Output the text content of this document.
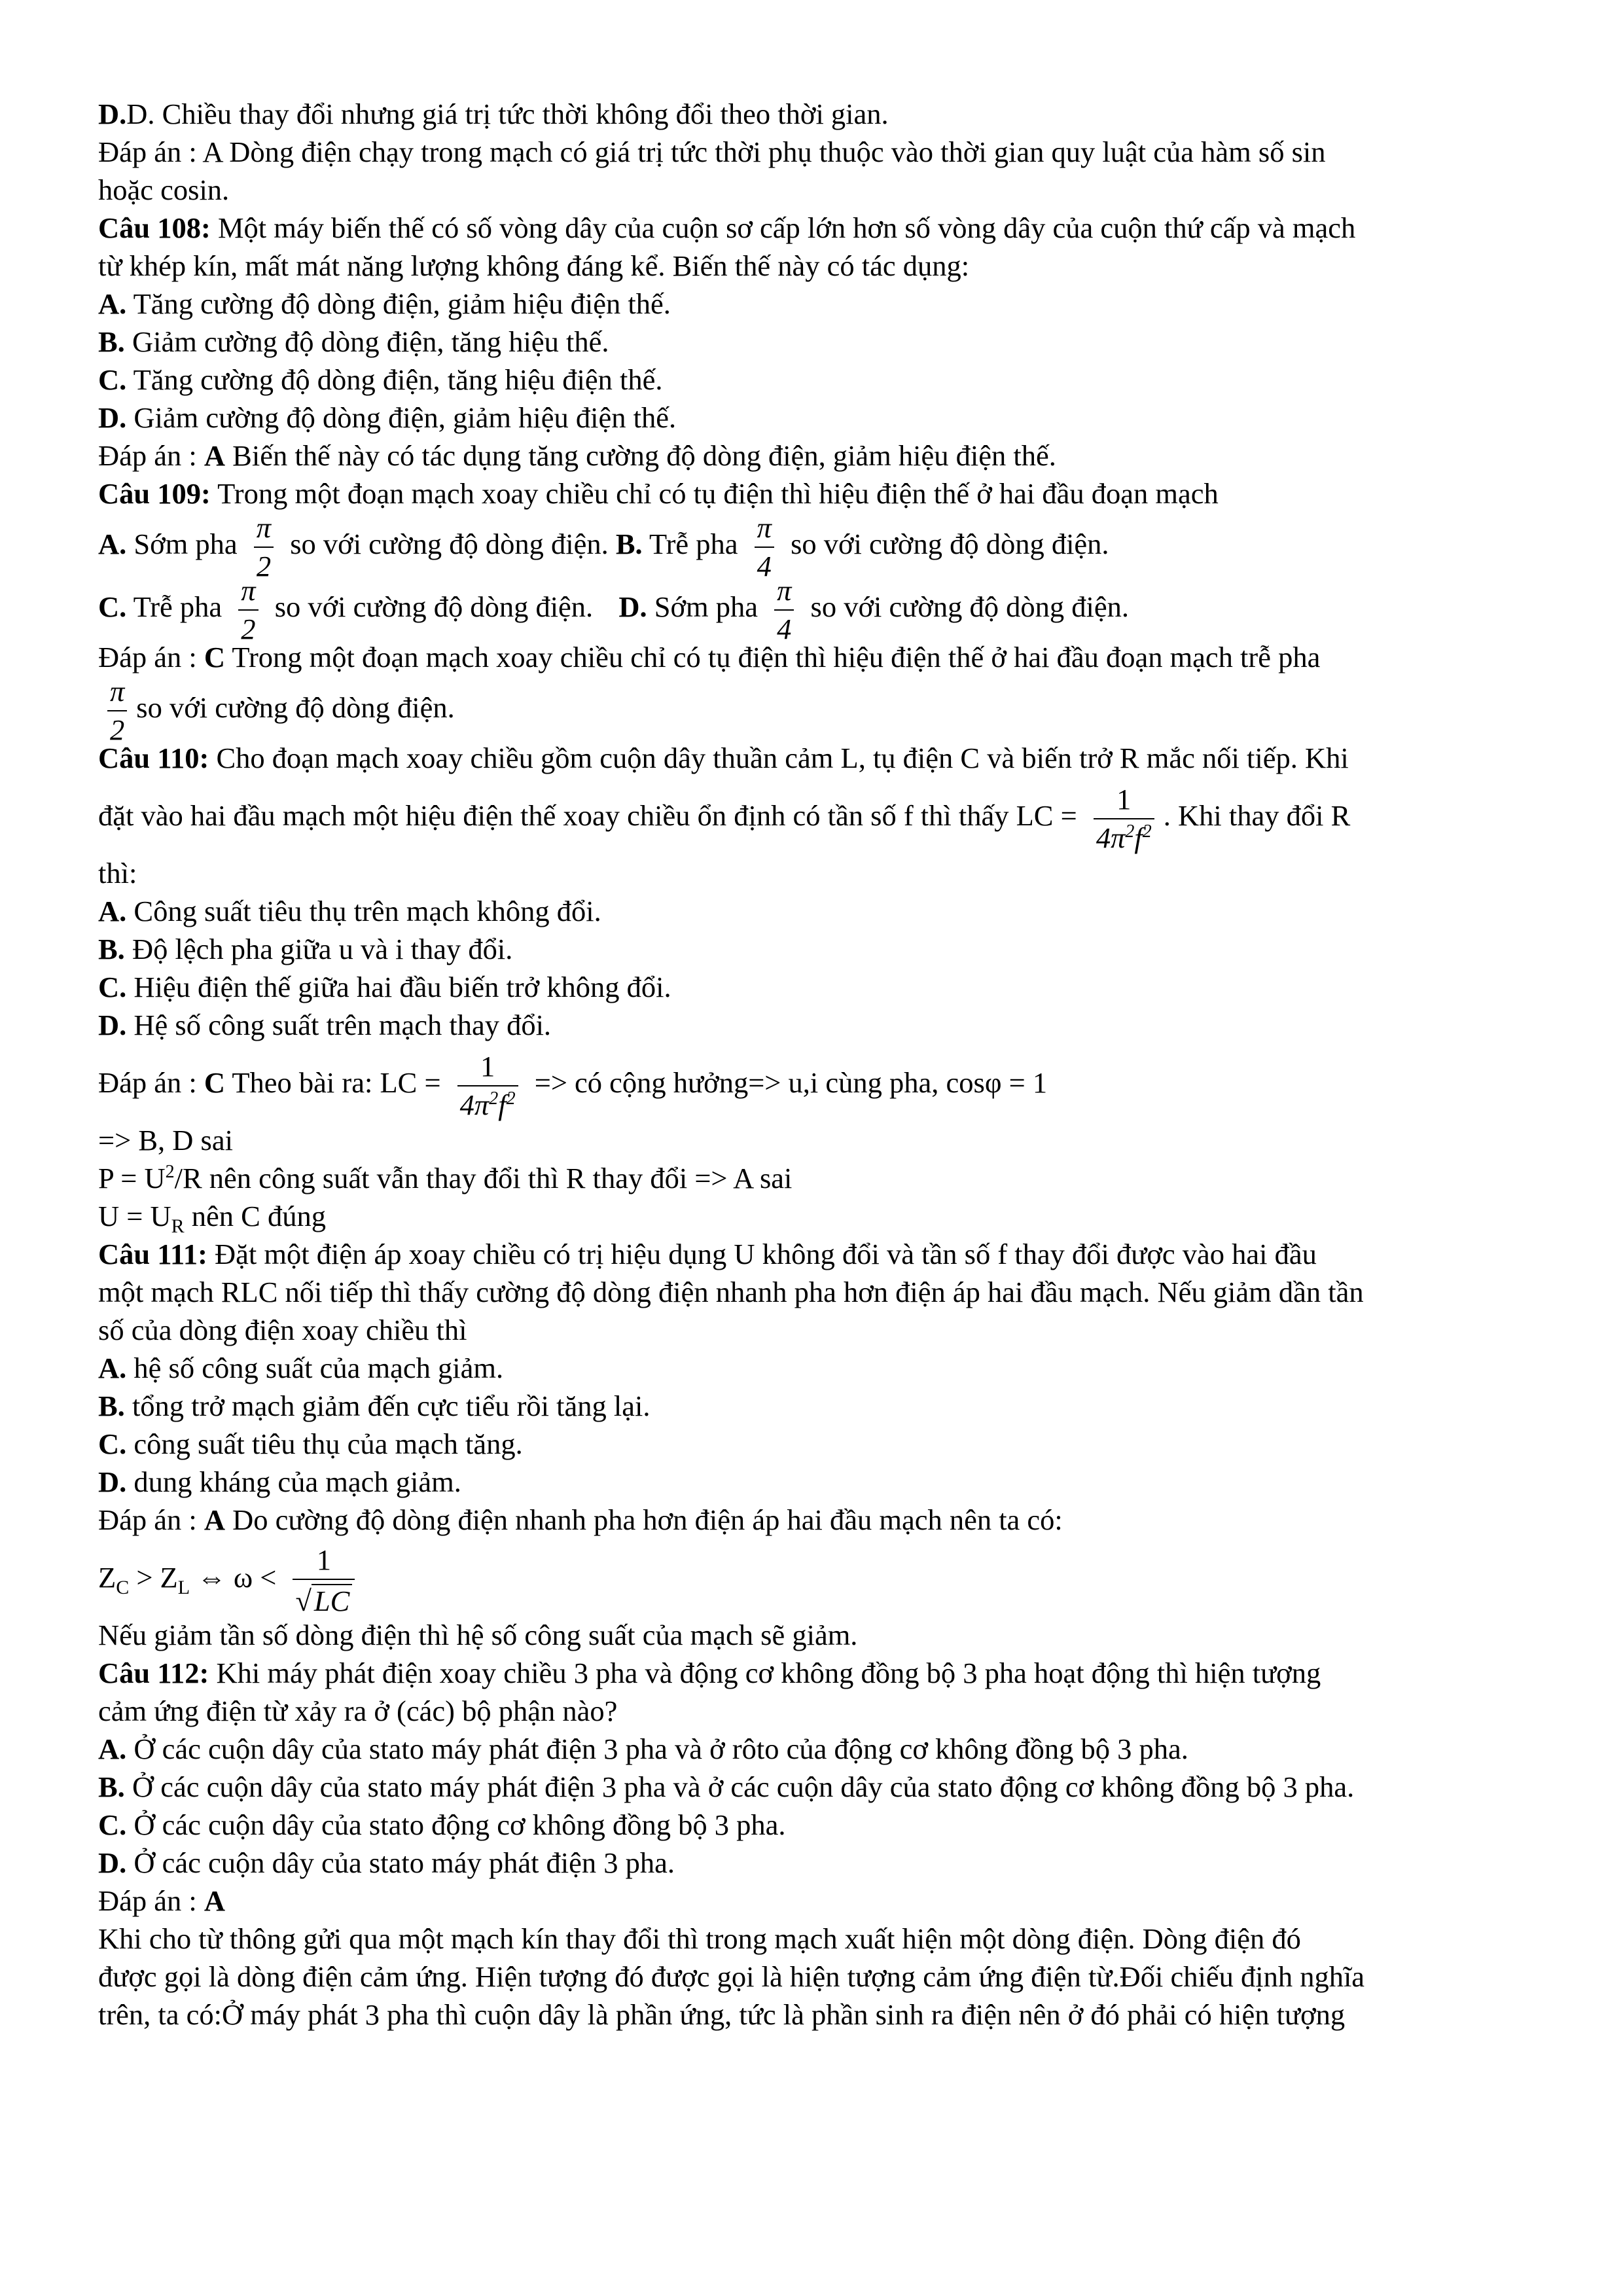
D.D. Chiều thay đổi nhưng giá trị tức thời không đổi theo thời gian.
Đáp án : A Dòng điện chạy trong mạch có giá trị tức thời phụ thuộc vào thời gian quy luật của hàm số sin
hoặc cosin.
Câu 108: Một máy biến thế có số vòng dây của cuộn sơ cấp lớn hơn số vòng dây của cuộn thứ cấp và mạch
từ khép kín, mất mát năng lượng không đáng kể. Biến thế này có tác dụng:
A. Tăng cường độ dòng điện, giảm hiệu điện thế.
B. Giảm cường độ dòng điện, tăng hiệu thế.
C. Tăng cường độ dòng điện, tăng hiệu điện thế.
D. Giảm cường độ dòng điện, giảm hiệu điện thế.
Đáp án : A Biến thế này có tác dụng tăng cường độ dòng điện, giảm hiệu điện thế.
Câu 109: Trong một đoạn mạch xoay chiều chỉ có tụ điện thì hiệu điện thế ở hai đầu đoạn mạch
A. Sớm pha $\frac{\pi}{2}$ so với cường độ dòng điện. B. Trễ pha $\frac{\pi}{4}$ so với cường độ dòng điện.
C. Trễ pha $\frac{\pi}{2}$ so với cường độ dòng điện. D. Sớm pha $\frac{\pi}{4}$ so với cường độ dòng điện.
Đáp án : C Trong một đoạn mạch xoay chiều chỉ có tụ điện thì hiệu điện thế ở hai đầu đoạn mạch trễ pha
$\frac{\pi}{2}$ so với cường độ dòng điện.
Câu 110: Cho đoạn mạch xoay chiều gồm cuộn dây thuần cảm L, tụ điện C và biến trở R mắc nối tiếp. Khi
đặt vào hai đầu mạch một hiệu điện thế xoay chiều ổn định có tần số f thì thấy LC = $\frac{1}{4\pi^2f^2}$ . Khi thay đổi R
thì:
A. Công suất tiêu thụ trên mạch không đổi.
B. Độ lệch pha giữa u và i thay đổi.
C. Hiệu điện thế giữa hai đầu biến trở không đổi.
D. Hệ số công suất trên mạch thay đổi.
Đáp án : C Theo bài ra: LC = $\frac{1}{4\pi^2f^2}$ => có cộng hưởng=> u,i cùng pha, cosφ = 1
=> B, D sai
$P = U^2/R$ nên công suất vẫn thay đổi thì R thay đổi => A sai
$U = U_R$ nên C đúng
Câu 111: Đặt một điện áp xoay chiều có trị hiệu dụng U không đổi và tần số f thay đổi được vào hai đầu
một mạch RLC nối tiếp thì thấy cường độ dòng điện nhanh pha hơn điện áp hai đầu mạch. Nếu giảm dần tần
số của dòng điện xoay chiều thì
A. hệ số công suất của mạch giảm.
B. tổng trở mạch giảm đến cực tiểu rồi tăng lại.
C. công suất tiêu thụ của mạch tăng.
D. dung kháng của mạch giảm.
Đáp án : A Do cường độ dòng điện nhanh pha hơn điện áp hai đầu mạch nên ta có:
$Z_C > Z_L$ ⇔ $\omega < \frac{1}{√LC}$
Nếu giảm tần số dòng điện thì hệ số công suất của mạch sẽ giảm.
Câu 112: Khi máy phát điện xoay chiều 3 pha và động cơ không đồng bộ 3 pha hoạt động thì hiện tượng
cảm ứng điện từ xảy ra ở (các) bộ phận nào?
A. Ở các cuộn dây của stato máy phát điện 3 pha và ở rôto của động cơ không đồng bộ 3 pha.
B. Ở các cuộn dây của stato máy phát điện 3 pha và ở các cuộn dây của stato động cơ không đồng bộ 3 pha.
C. Ở các cuộn dây của stato động cơ không đồng bộ 3 pha.
D. Ở các cuộn dây của stato máy phát điện 3 pha.
Đáp án : A
Khi cho từ thông gửi qua một mạch kín thay đổi thì trong mạch xuất hiện một dòng điện. Dòng điện đó
được gọi là dòng điện cảm ứng. Hiện tượng đó được gọi là hiện tượng cảm ứng điện từ.Đối chiếu định nghĩa
trên, ta có:Ở máy phát 3 pha thì cuộn dây là phần ứng, tức là phần sinh ra điện nên ở đó phải có hiện tượng
